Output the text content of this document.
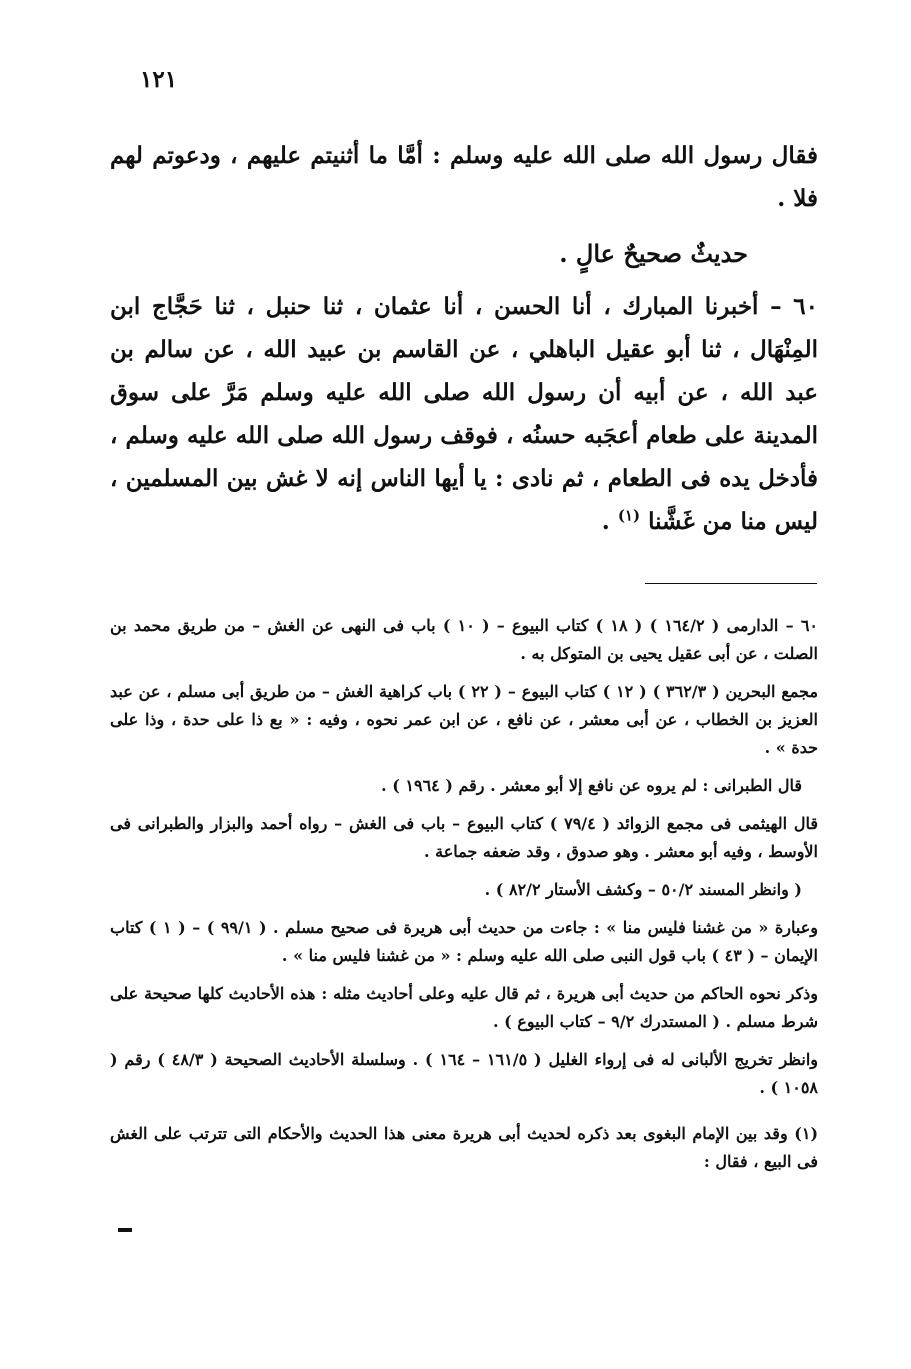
١٢١

فقال رسول الله صلى الله عليه وسلم : أمَّا ما أثنيتم عليهم ، ودعوتم لهم فلا .

حديثٌ صحيحٌ عالٍ .

٦٠ – أخبرنا المبارك ، أنا الحسن ، أنا عثمان ، ثنا حنبل ، ثنا حَجَّاج ابن المِنْهَال ، ثنا أبو عقيل الباهلي ، عن القاسم بن عبيد الله ، عن سالم بن عبد الله ، عن أبيه أن رسول الله صلى الله عليه وسلم مَرَّ على سوق المدينة على طعام أعجَبه حسنُه ، فوقف رسول الله صلى الله عليه وسلم ، فأدخل يده فى الطعام ، ثم نادى : يا أيها الناس إنه لا غش بين المسلمين ، ليس منا من غَشَّنا $^{(١)}$ .

٦٠ – الدارمى ( ١٦٤/٢ ) ( ١٨ ) كتاب البيوع – ( ١٠ ) باب فى النهى عن الغش – من طريق محمد بن الصلت ، عن أبى عقيل يحيى بن المتوكل به .

مجمع البحرين ( ٣٦٢/٣ ) ( ١٢ ) كتاب البيوع – ( ٢٢ ) باب كراهية الغش – من طريق أبى مسلم ، عن عبد العزيز بن الخطاب ، عن أبى معشر ، عن نافع ، عن ابن عمر نحوه ، وفيه : « بع ذا على حدة ، وذا على حدة » .

قال الطبرانى : لم يروه عن نافع إلا أبو معشر . رقم ( ١٩٦٤ ) .

قال الهيثمى فى مجمع الزوائد ( ٧٩/٤ ) كتاب البيوع – باب فى الغش – رواه أحمد والبزار والطبرانى فى الأوسط ، وفيه أبو معشر . وهو صدوق ، وقد ضعفه جماعة .

( وانظر المسند ٥٠/٢ – وكشف الأستار ٨٢/٢ ) .

وعبارة « من غشنا فليس منا » : جاءت من حديث أبى هريرة فى صحيح مسلم . ( ٩٩/١ ) – ( ١ ) كتاب الإيمان – ( ٤٣ ) باب قول النبى صلى الله عليه وسلم : « من غشنا فليس منا » .

وذكر نحوه الحاكم من حديث أبى هريرة ، ثم قال عليه وعلى أحاديث مثله : هذه الأحاديث كلها صحيحة على شرط مسلم . ( المستدرك ٩/٢ – كتاب البيوع ) .

وانظر تخريج الألبانى له فى إرواء الغليل ( ١٦١/٥ – ١٦٤ ) . وسلسلة الأحاديث الصحيحة ( ٤٨/٣ ) رقم ( ١٠٥٨ ) .

(١) وقد بين الإمام البغوى بعد ذكره لحديث أبى هريرة معنى هذا الحديث والأحكام التى تترتب على الغش فى البيع ، فقال :
